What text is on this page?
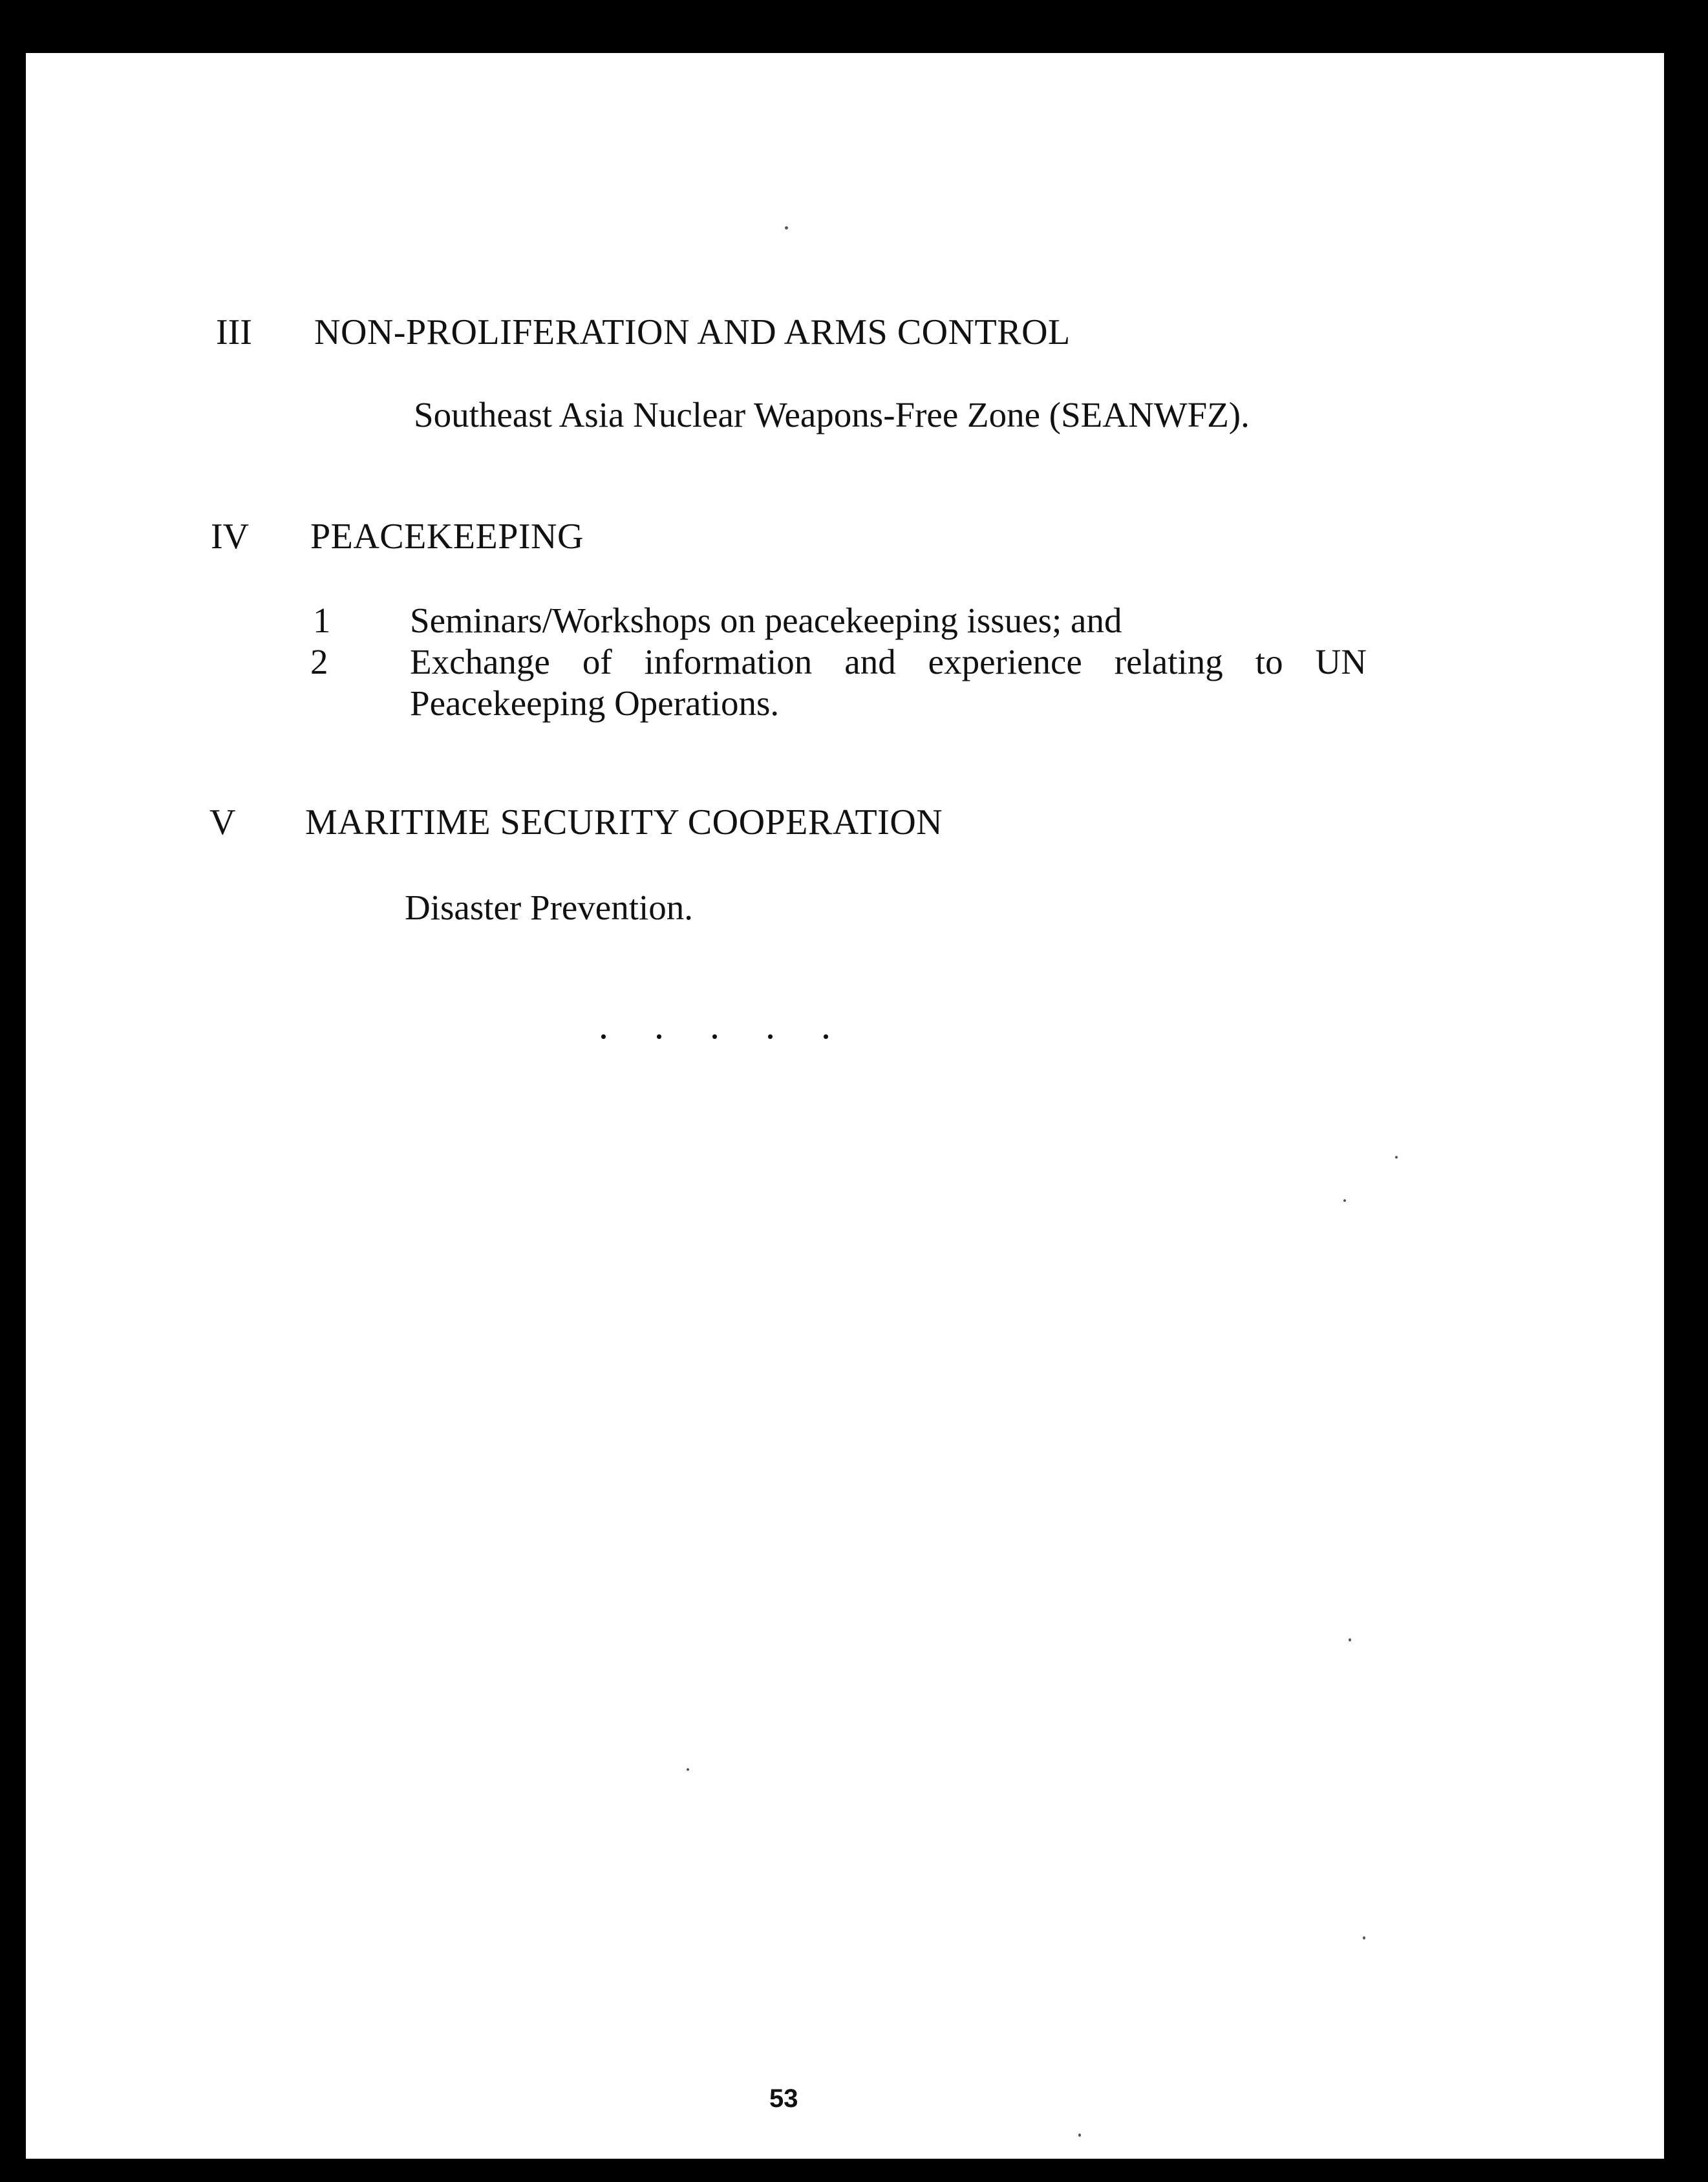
III NON-PROLIFERATION AND ARMS CONTROL
Southeast Asia Nuclear Weapons-Free Zone (SEANWFZ).
IV PEACEKEEPING
1 Seminars/Workshops on peacekeeping issues; and
2 Exchange of information and experience relating to UN
Peacekeeping Operations.
V MARITIME SECURITY COOPERATION
Disaster Prevention.
. . . . .
53
